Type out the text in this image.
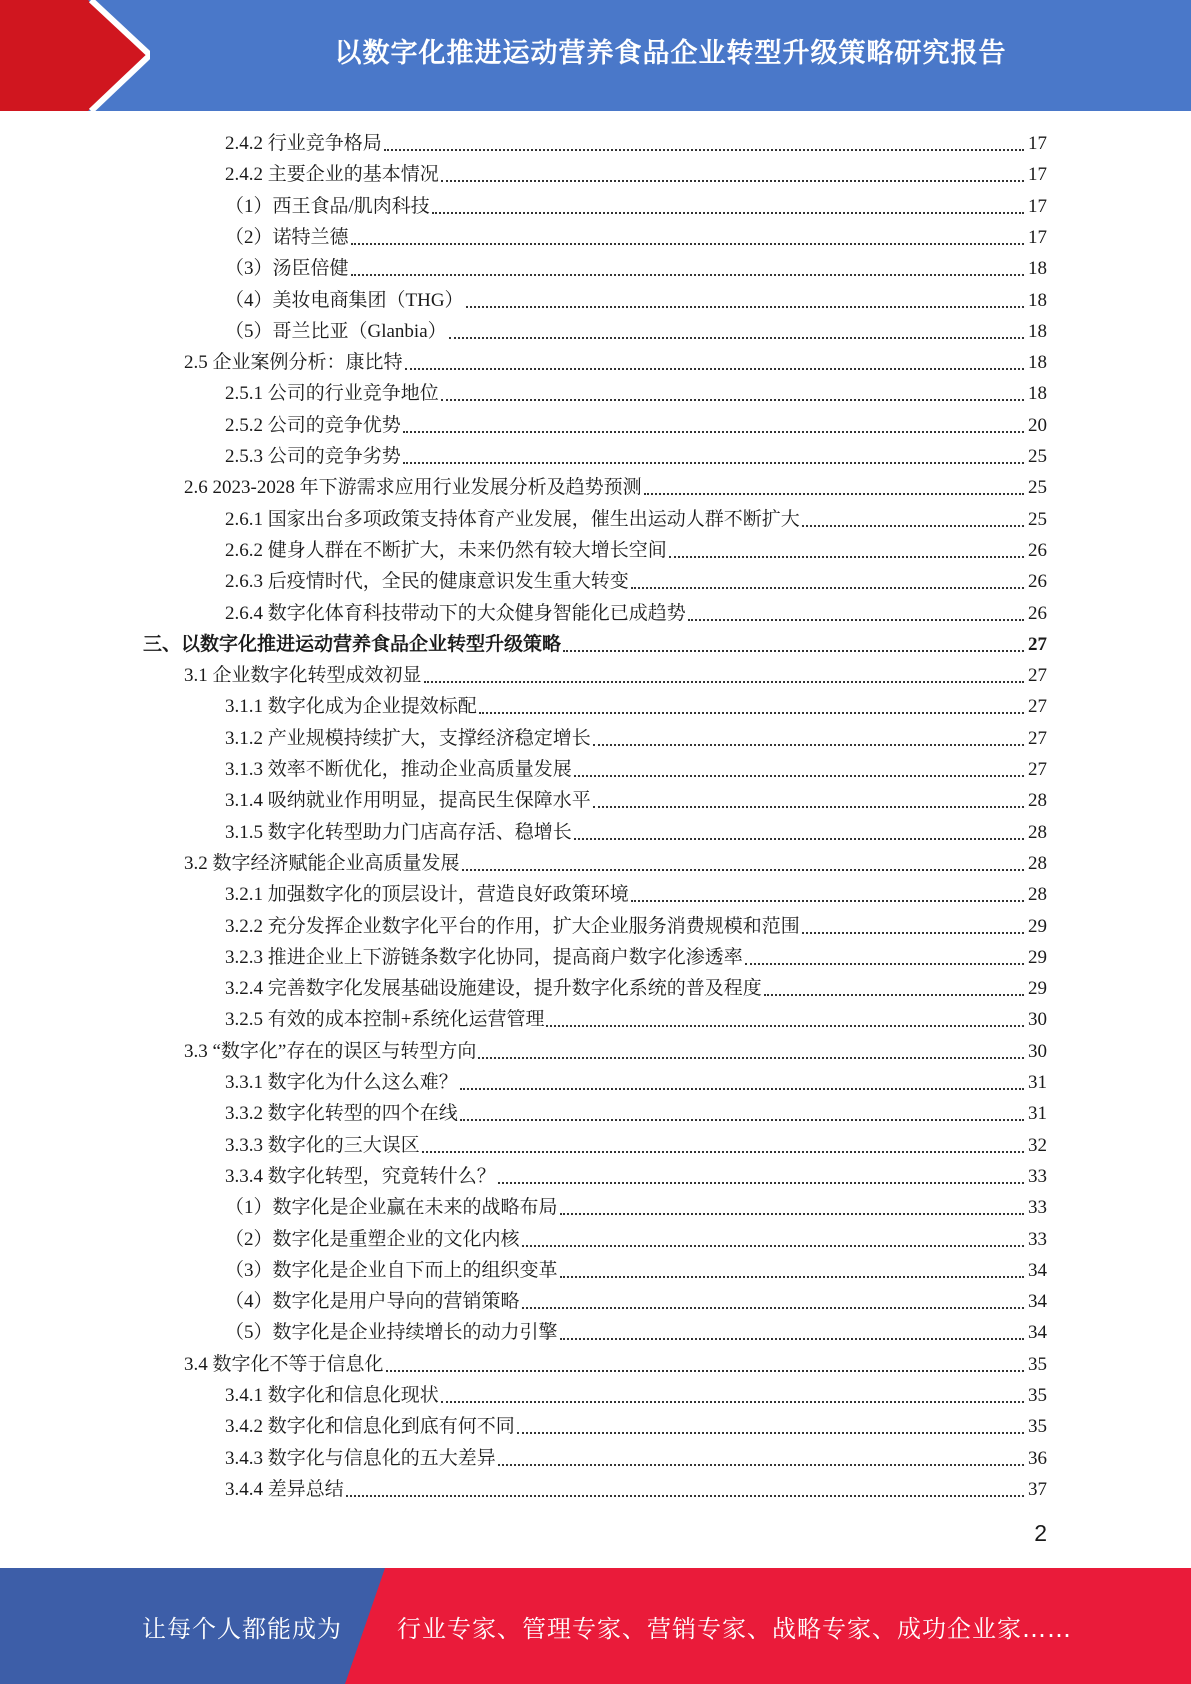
以数字化推进运动营养食品企业转型升级策略研究报告
2.4.2 行业竞争格局	17
2.4.2 主要企业的基本情况	17
（1）西王食品/肌肉科技	17
（2）诺特兰德	17
（3）汤臣倍健	18
（4）美妆电商集团（THG）	18
（5）哥兰比亚（Glanbia）	18
2.5 企业案例分析：康比特	18
2.5.1 公司的行业竞争地位	18
2.5.2 公司的竞争优势	20
2.5.3 公司的竞争劣势	25
2.6 2023-2028 年下游需求应用行业发展分析及趋势预测	25
2.6.1 国家出台多项政策支持体育产业发展，催生出运动人群不断扩大	25
2.6.2 健身人群在不断扩大，未来仍然有较大增长空间	26
2.6.3 后疫情时代，全民的健康意识发生重大转变	26
2.6.4 数字化体育科技带动下的大众健身智能化已成趋势	26
三、以数字化推进运动营养食品企业转型升级策略	27
3.1 企业数字化转型成效初显	27
3.1.1 数字化成为企业提效标配	27
3.1.2 产业规模持续扩大，支撑经济稳定增长	27
3.1.3 效率不断优化，推动企业高质量发展	27
3.1.4 吸纳就业作用明显，提高民生保障水平	28
3.1.5 数字化转型助力门店高存活、稳增长	28
3.2 数字经济赋能企业高质量发展	28
3.2.1 加强数字化的顶层设计，营造良好政策环境	28
3.2.2 充分发挥企业数字化平台的作用，扩大企业服务消费规模和范围	29
3.2.3 推进企业上下游链条数字化协同，提高商户数字化渗透率	29
3.2.4 完善数字化发展基础设施建设，提升数字化系统的普及程度	29
3.2.5 有效的成本控制+系统化运营管理	30
3.3 “数字化”存在的误区与转型方向	30
3.3.1 数字化为什么这么难？	31
3.3.2 数字化转型的四个在线	31
3.3.3 数字化的三大误区	32
3.3.4 数字化转型，究竟转什么？	33
（1）数字化是企业赢在未来的战略布局	33
（2）数字化是重塑企业的文化内核	33
（3）数字化是企业自下而上的组织变革	34
（4）数字化是用户导向的营销策略	34
（5）数字化是企业持续增长的动力引擎	34
3.4 数字化不等于信息化	35
3.4.1 数字化和信息化现状	35
3.4.2 数字化和信息化到底有何不同	35
3.4.3 数字化与信息化的五大差异	36
3.4.4 差异总结	37
2
让每个人都能成为 行业专家、管理专家、营销专家、战略专家、成功企业家……
